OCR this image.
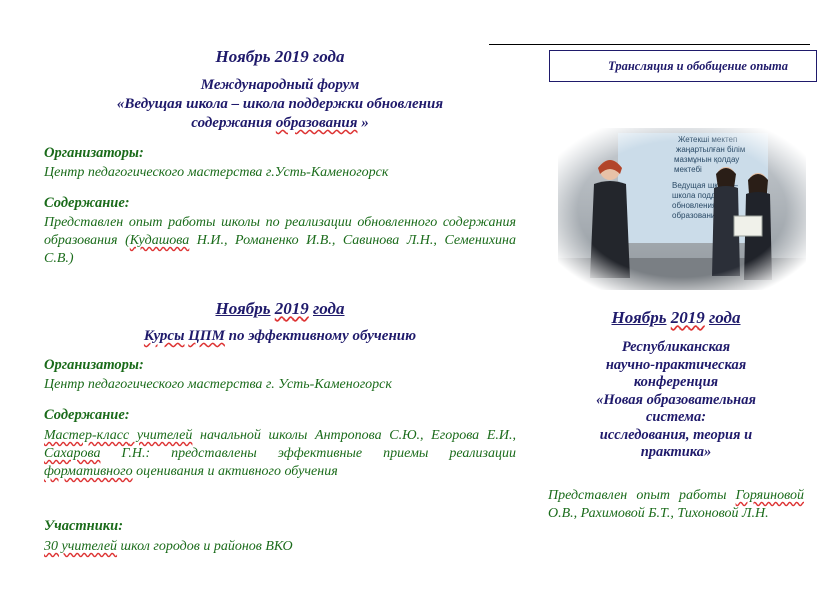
Ноябрь 2019 года
Международный форум
«Ведущая школа – школа поддержки обновления
содержания образования »
Организаторы:
Центр педагогического мастерства г.Усть-Каменогорск
Содержание:
Представлен опыт работы школы по реализации обновленного содержания образования (Кудашова Н.И., Романенко И.В., Савинова Л.Н., Семенихина С.В.)
Ноябрь 2019 года
Курсы ЦПМ по эффективному обучению
Организаторы:
Центр педагогического мастерства г. Усть-Каменогорск
Содержание:
Мастер-класс учителей начальной школы Антропова С.Ю., Егорова Е.И., Сахарова Г.Н.: представлены эффективные приемы реализации формативного оценивания и активного обучения
Участники:
30 учителей школ городов и районов ВКО
Трансляция и обобщение опыта
Ноябрь 2019 года
Республиканская
научно-практическая
конференция
«Новая образовательная
система:
исследования, теория и
практика»
Представлен опыт работы Горяиновой О.В., Рахимовой Б.Т., Тихоновой Л.Н.
